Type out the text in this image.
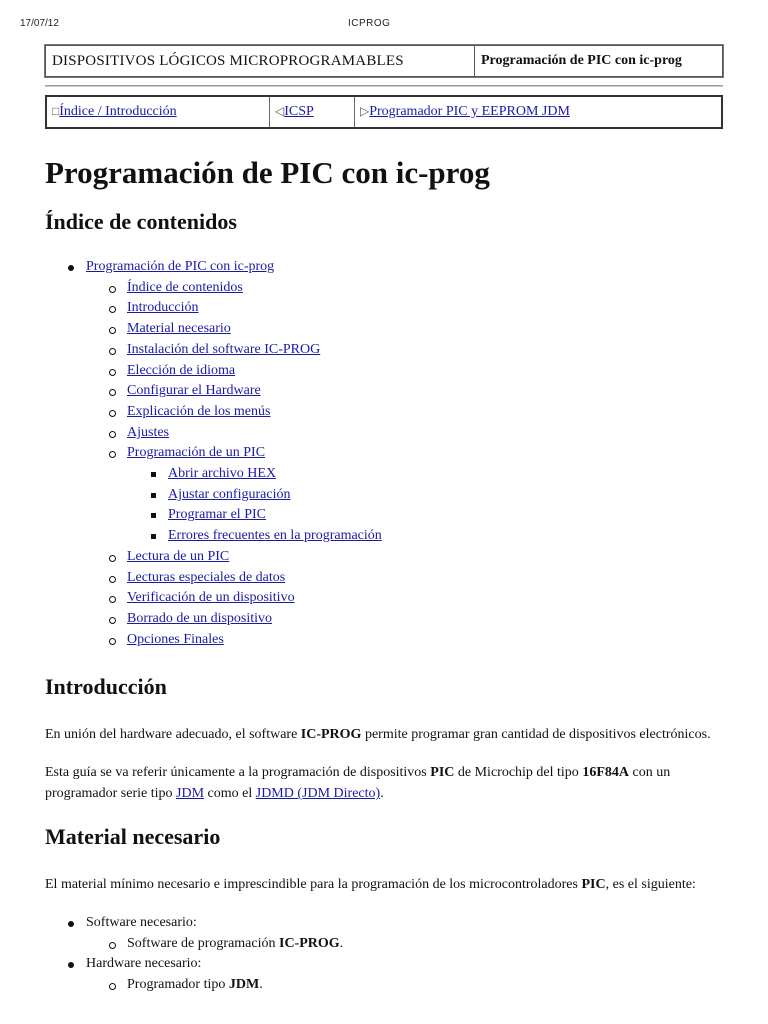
17/07/12	ICPROG
DISPOSITIVOS LÓGICOS MICROPROGRAMABLES	Programación de PIC con ic-prog
□Índice / Introducción	◁ICSP	▷Programador PIC y EEPROM JDM
Programación de PIC con ic-prog
Índice de contenidos
Programación de PIC con ic-prog
Índice de contenidos
Introducción
Material necesario
Instalación del software IC-PROG
Elección de idioma
Configurar el Hardware
Explicación de los menús
Ajustes
Programación de un PIC
Abrir archivo HEX
Ajustar configuración
Programar el PIC
Errores frecuentes en la programación
Lectura de un PIC
Lecturas especiales de datos
Verificación de un dispositivo
Borrado de un dispositivo
Opciones Finales
Introducción

En unión del hardware adecuado, el software IC-PROG permite programar gran cantidad de dispositivos electrónicos.

Esta guía se va referir únicamente a la programación de dispositivos PIC de Microchip del tipo 16F84A con un programador serie tipo JDM como el JDMD (JDM Directo).

Material necesario

El material mínimo necesario e imprescindible para la programación de los microcontroladores PIC, es el siguiente:

Software necesario:
Software de programación IC-PROG.
Hardware necesario:
Programador tipo JDM.
